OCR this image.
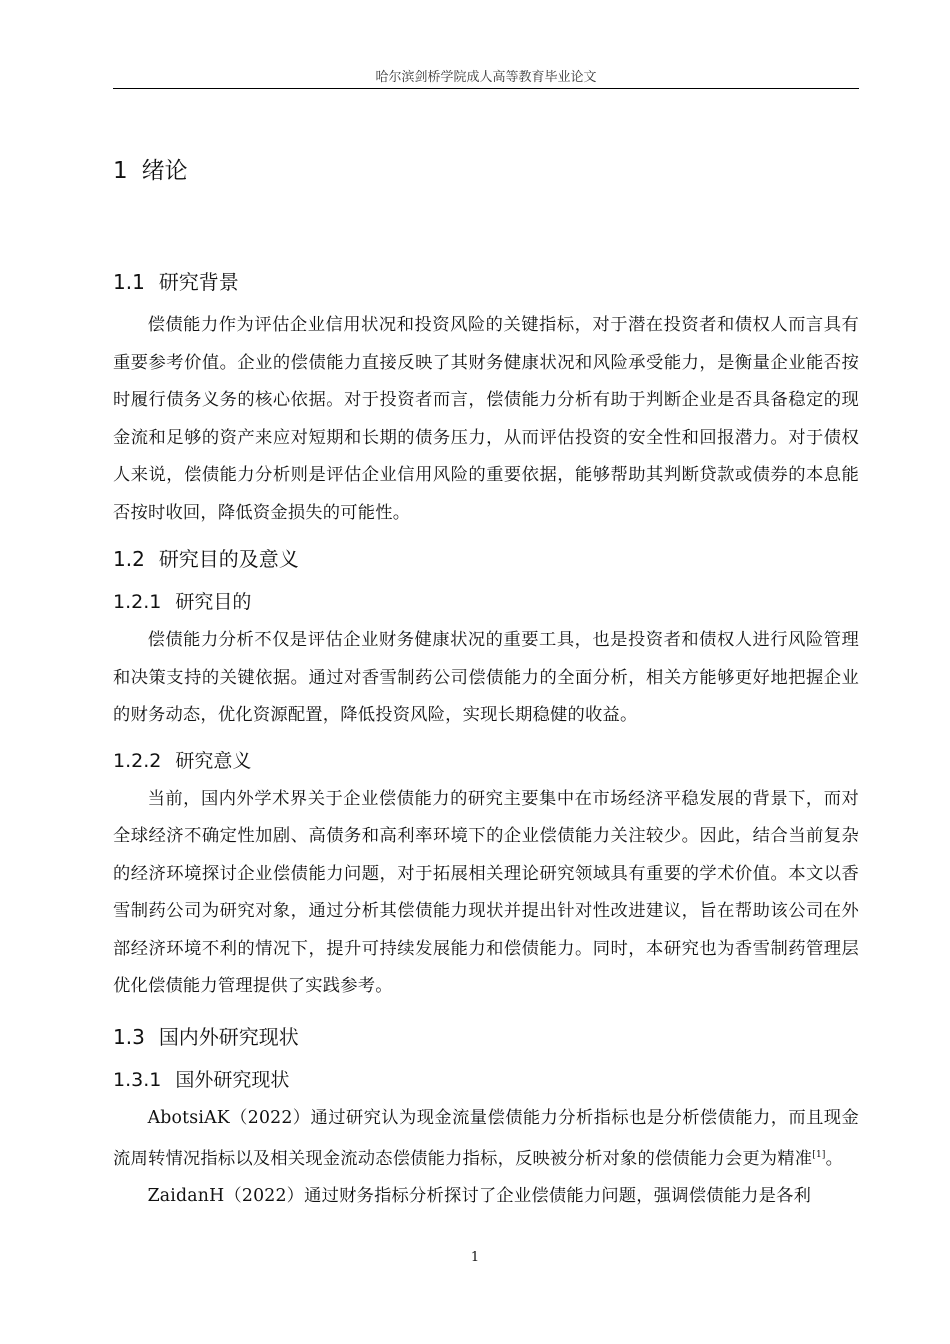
哈尔滨剑桥学院成人高等教育毕业论文
1 绪论
1.1 研究背景

偿债能力作为评估企业信用状况和投资风险的关键指标，对于潜在投资者和债权人而言具有重要参考价值。企业的偿债能力直接反映了其财务健康状况和风险承受能力，是衡量企业能否按时履行债务义务的核心依据。对于投资者而言，偿债能力分析有助于判断企业是否具备稳定的现金流和足够的资产来应对短期和长期的债务压力，从而评估投资的安全性和回报潜力。对于债权人来说，偿债能力分析则是评估企业信用风险的重要依据，能够帮助其判断贷款或债券的本息能否按时收回，降低资金损失的可能性。

1.2 研究目的及意义
1.2.1 研究目的

偿债能力分析不仅是评估企业财务健康状况的重要工具，也是投资者和债权人进行风险管理和决策支持的关键依据。通过对香雪制药公司偿债能力的全面分析，相关方能够更好地把握企业的财务动态，优化资源配置，降低投资风险，实现长期稳健的收益。

1.2.2 研究意义

当前，国内外学术界关于企业偿债能力的研究主要集中在市场经济平稳发展的背景下，而对全球经济不确定性加剧、高债务和高利率环境下的企业偿债能力关注较少。因此，结合当前复杂的经济环境探讨企业偿债能力问题，对于拓展相关理论研究领域具有重要的学术价值。本文以香雪制药公司为研究对象，通过分析其偿债能力现状并提出针对性改进建议，旨在帮助该公司在外部经济环境不利的情况下，提升可持续发展能力和偿债能力。同时，本研究也为香雪制药管理层优化偿债能力管理提供了实践参考。

1.3 国内外研究现状
1.3.1 国外研究现状

AbotsiAK（2022）通过研究认为现金流量偿债能力分析指标也是分析偿债能力，而且现金流周转情况指标以及相关现金流动态偿债能力指标，反映被分析对象的偿债能力会更为精准[1]。

ZaidanH（2022）通过财务指标分析探讨了企业偿债能力问题，强调偿债能力是各利

1
